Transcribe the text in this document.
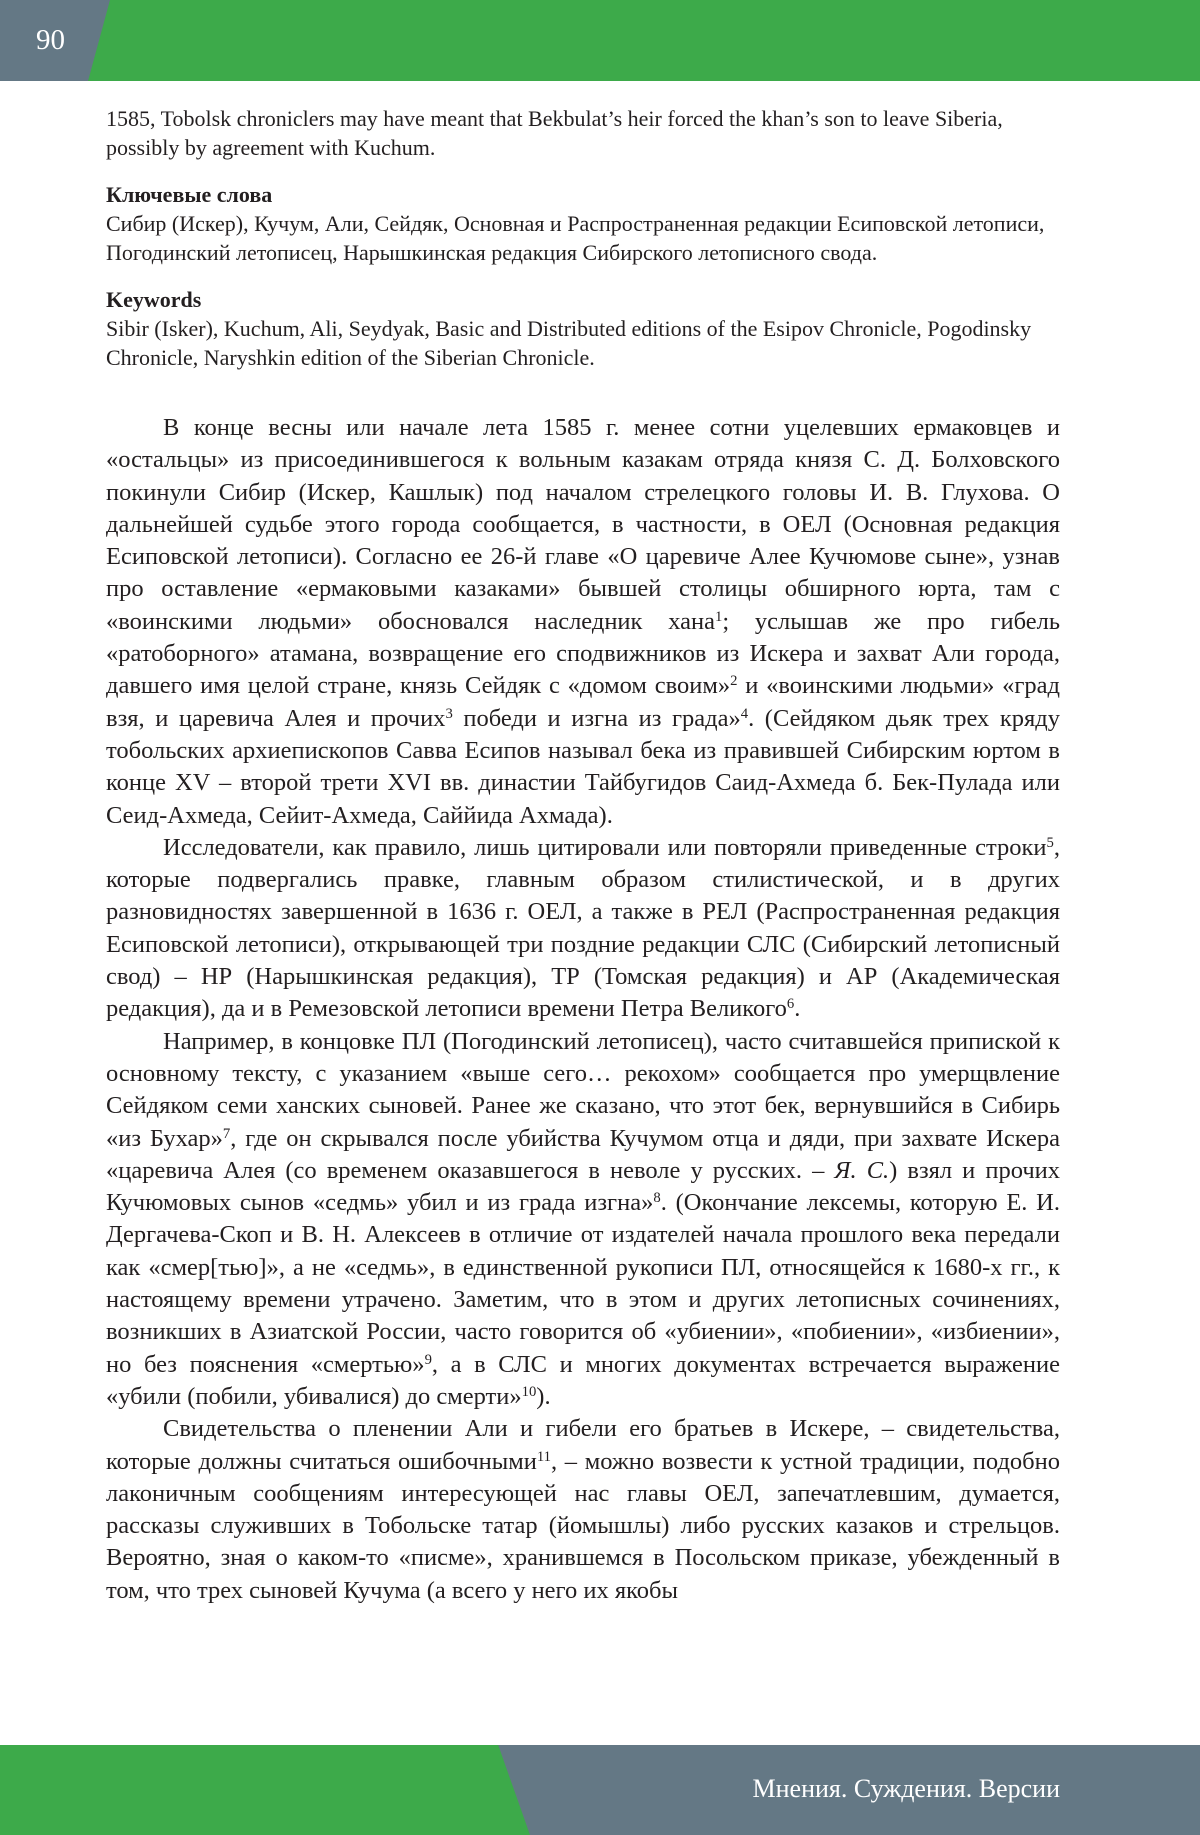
90

1585, Tobolsk chroniclers may have meant that Bekbulat’s heir forced the khan’s son to leave Siberia, possibly by agreement with Kuchum.

Ключевые слова

Сибир (Искер), Кучум, Али, Сейдяк, Основная и Распространенная редакции Есиповской летописи, Погодинский летописец, Нарышкинская редакция Сибирского летописного свода.

Keywords

Sibir (Isker), Kuchum, Ali, Seydyak, Basic and Distributed editions of the Esipov Chronicle, Pogodinsky Chronicle, Naryshkin edition of the Siberian Chronicle.

В конце весны или начале лета 1585 г. менее сотни уцелевших ермаковцев и «остальцы» из присоединившегося к вольным казакам отряда князя С. Д. Болховского покинули Сибир (Искер, Кашлык) под началом стрелецкого головы И. В. Глухова. О дальнейшей судьбе этого города сообщается, в частности, в ОЕЛ (Основная редакция Есиповской летописи). Согласно ее 26-й главе «О царевиче Алее Кучюмове сыне», узнав про оставление «ермаковыми казаками» бывшей столицы обширного юрта, там с «воинскими людьми» обосновался наследник хана$^1$; услышав же про гибель «ратоборного» атамана, возвращение его сподвижников из Искера и захват Али города, давшего имя целой стране, князь Сейдяк с «домом своим»$^2$ и «воинскими людьми» «град взя, и царевича Алея и прочих$^3$ победи и изгна из града»$^4$. (Сейдяком дьяк трех кряду тобольских архиепископов Савва Есипов называл бека из правившей Сибирским юртом в конце XV – второй трети XVI вв. династии Тайбугидов Саид-Ахмеда б. Бек-Пулада или Сеид-Ахмеда, Сейит-Ахмеда, Саййида Ахмада).

Исследователи, как правило, лишь цитировали или повторяли приведенные строки$^5$, которые подвергались правке, главным образом стилистической, и в других разновидностях завершенной в 1636 г. ОЕЛ, а также в РЕЛ (Распространенная редакция Есиповской летописи), открывающей три поздние редакции СЛС (Сибирский летописный свод) – НР (Нарышкинская редакция), ТР (Томская редакция) и АР (Академическая редакция), да и в Ремезовской летописи времени Петра Великого$^6$.

Например, в концовке ПЛ (Погодинский летописец), часто считавшейся припиской к основному тексту, с указанием «выше сего… рекохом» сообщается про умерщвление Сейдяком семи ханских сыновей. Ранее же сказано, что этот бек, вернувшийся в Сибирь «из Бухар»$^7$, где он скрывался после убийства Кучумом отца и дяди, при захвате Искера «царевича Алея (со временем оказавшегося в неволе у русских. – Я. С.) взял и прочих Кучюмовых сынов «седмь» убил и из града изгна»$^8$. (Окончание лексемы, которую Е. И. Дергачева-Скоп и В. Н. Алексеев в отличие от издателей начала прошлого века передали как «смер[тью]», а не «седмь», в единственной рукописи ПЛ, относящейся к 1680-х гг., к настоящему времени утрачено. Заметим, что в этом и других летописных сочинениях, возникших в Азиатской России, часто говорится об «убиении», «побиении», «избиении», но без пояснения «смертью»$^9$, а в СЛС и многих документах встречается выражение «убили (побили, убивалися) до смерти»$^{10}$).

Свидетельства о пленении Али и гибели его братьев в Искере, – свидетельства, которые должны считаться ошибочными$^{11}$, – можно возвести к устной традиции, подобно лаконичным сообщениям интересующей нас главы ОЕЛ, запечатлевшим, думается, рассказы служивших в Тобольске татар (йомышлы) либо русских казаков и стрельцов. Вероятно, зная о каком-то «писме», хранившемся в Посольском приказе, убежденный в том, что трех сыновей Кучума (а всего у него их якобы

Мнения. Суждения. Версии
